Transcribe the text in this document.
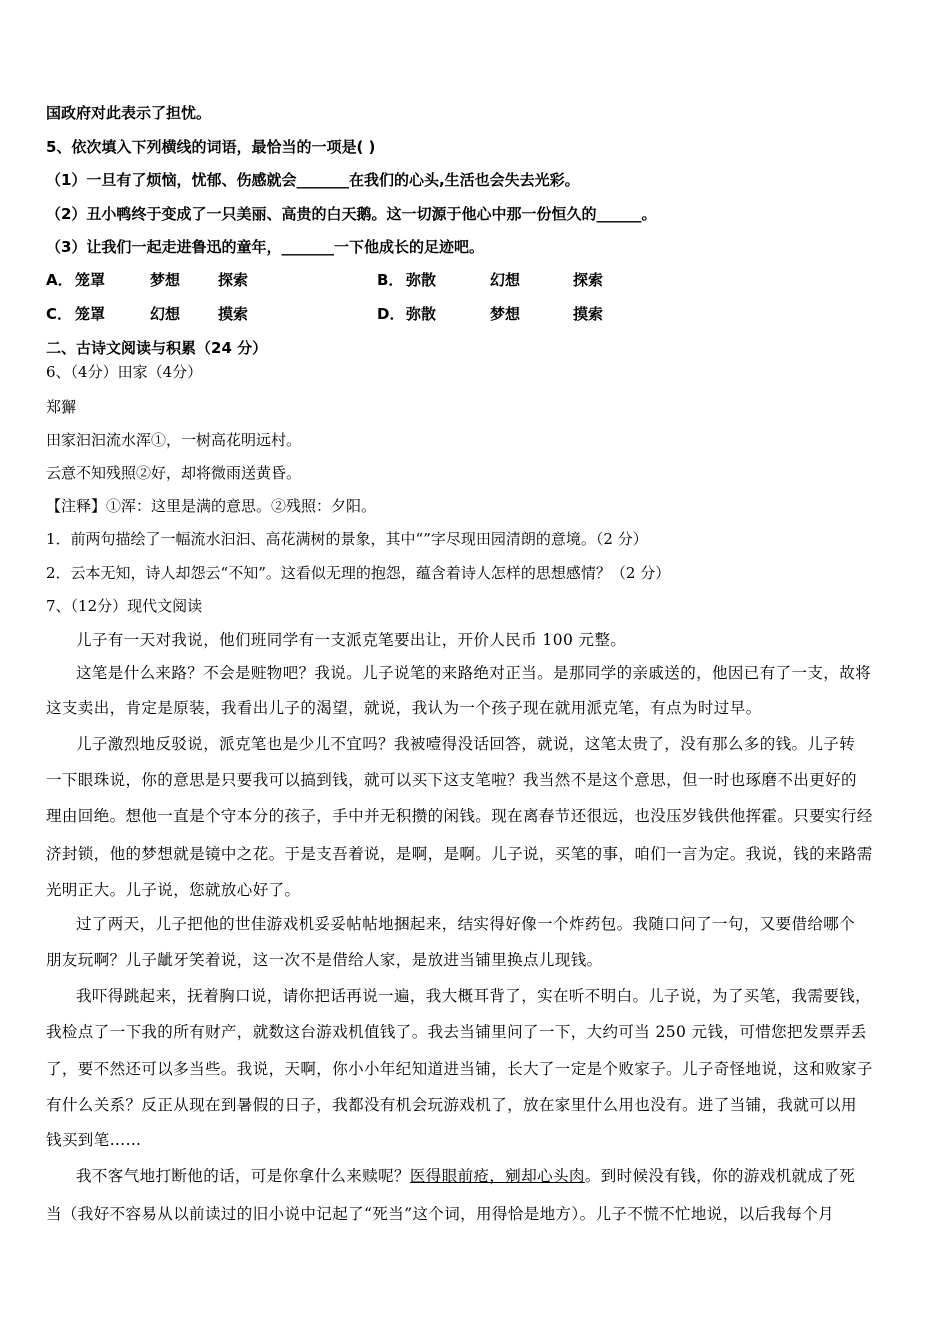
国政府对此表示了担忧。
5、依次填入下列横线的词语，最恰当的一项是( )
（1）一旦有了烦恼，忧郁、伤感就会_______在我们的心头,生活也会失去光彩。
（2）丑小鸭终于变成了一只美丽、高贵的白天鹅。这一切源于他心中那一份恒久的______。
（3）让我们一起走进鲁迅的童年，_______一下他成长的足迹吧。
A． 笼罩	梦想	探索	B． 弥散	幻想	探索
C． 笼罩	幻想	摸索	D． 弥散	梦想	摸索
二、古诗文阅读与积累（24 分）
6、（4分）田家（4分）
郑獬
田家汩汩流水浑①，一树高花明远村。
云意不知残照②好，却将微雨送黄昏。
【注释】①浑：这里是满的意思。②残照：夕阳。
1．前两句描绘了一幅流水汩汩、高花满树的景象，其中“”字尽现田园清朗的意境。（2 分）
2．云本无知，诗人却怨云“不知”。这看似无理的抱怨，蕴含着诗人怎样的思想感情？（2 分）
7、（12分）现代文阅读
儿子有一天对我说，他们班同学有一支派克笔要出让，开价人民币 100 元整。
这笔是什么来路？不会是赃物吧？我说。儿子说笔的来路绝对正当。是那同学的亲戚送的，他因已有了一支，故将
这支卖出，肯定是原装，我看出儿子的渴望，就说，我认为一个孩子现在就用派克笔，有点为时过早。
儿子激烈地反驳说，派克笔也是少儿不宜吗？我被噎得没话回答，就说，这笔太贵了，没有那么多的钱。儿子转
一下眼珠说，你的意思是只要我可以搞到钱，就可以买下这支笔啦？我当然不是这个意思，但一时也琢磨不出更好的
理由回绝。想他一直是个守本分的孩子，手中并无积攒的闲钱。现在离春节还很远，也没压岁钱供他挥霍。只要实行经
济封锁，他的梦想就是镜中之花。于是支吾着说，是啊，是啊。儿子说，买笔的事，咱们一言为定。我说，钱的来路需
光明正大。儿子说，您就放心好了。
过了两天，儿子把他的世佳游戏机妥妥帖帖地捆起来，结实得好像一个炸药包。我随口问了一句，又要借给哪个
朋友玩啊？儿子龇牙笑着说，这一次不是借给人家，是放进当铺里换点儿现钱。
我吓得跳起来，抚着胸口说，请你把话再说一遍，我大概耳背了，实在听不明白。儿子说，为了买笔，我需要钱，
我检点了一下我的所有财产，就数这台游戏机值钱了。我去当铺里问了一下，大约可当 250 元钱，可惜您把发票弄丢
了，要不然还可以多当些。我说，天啊，你小小年纪知道进当铺，长大了一定是个败家子。儿子奇怪地说，这和败家子
有什么关系？反正从现在到暑假的日子，我都没有机会玩游戏机了，放在家里什么用也没有。进了当铺，我就可以用
钱买到笔……
我不客气地打断他的话，可是你拿什么来赎呢？医得眼前疮，剜却心头肉。到时候没有钱，你的游戏机就成了死
当（我好不容易从以前读过的旧小说中记起了“死当”这个词，用得恰是地方）。儿子不慌不忙地说，以后我每个月
